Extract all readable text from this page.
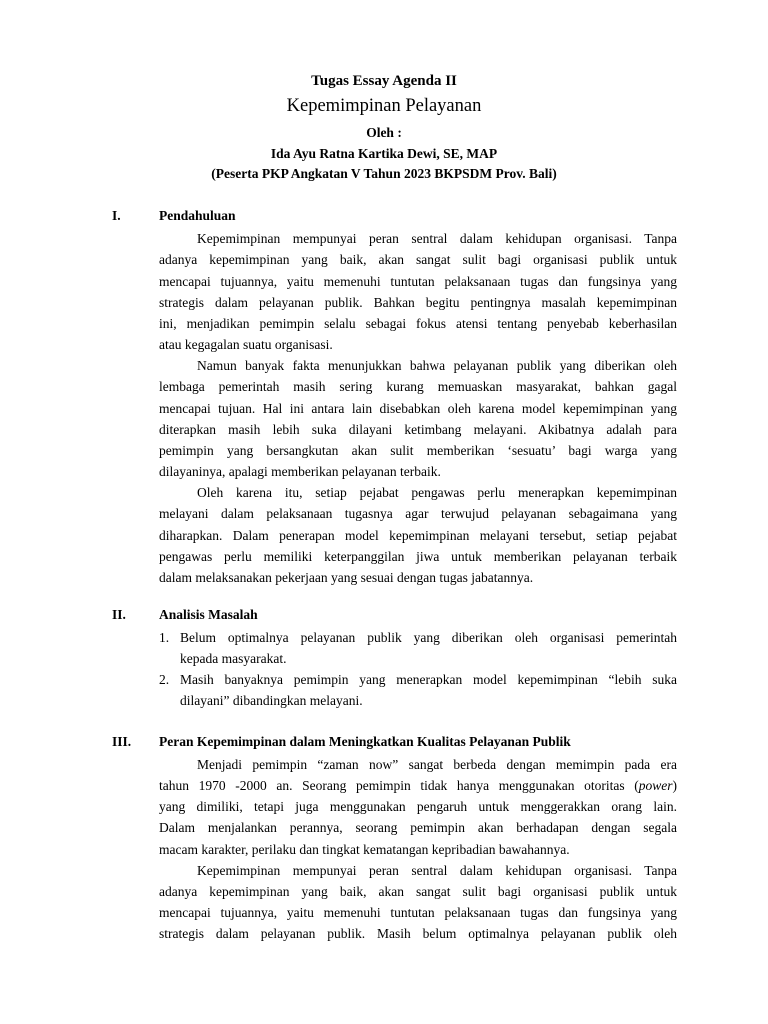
Tugas Essay Agenda II
Kepemimpinan Pelayanan
Oleh :
Ida Ayu Ratna Kartika Dewi, SE, MAP
(Peserta PKP Angkatan V Tahun 2023 BKPSDM Prov. Bali)
I.	Pendahuluan
Kepemimpinan mempunyai peran sentral dalam kehidupan organisasi. Tanpa
adanya kepemimpinan yang baik, akan sangat sulit bagi organisasi publik untuk
mencapai tujuannya, yaitu memenuhi tuntutan pelaksanaan tugas dan fungsinya yang
strategis dalam pelayanan publik. Bahkan begitu pentingnya masalah kepemimpinan
ini, menjadikan pemimpin selalu sebagai fokus atensi tentang penyebab keberhasilan
atau kegagalan suatu organisasi.
Namun banyak fakta menunjukkan bahwa pelayanan publik yang diberikan oleh
lembaga pemerintah masih sering kurang memuaskan masyarakat, bahkan gagal
mencapai tujuan. Hal ini antara lain disebabkan oleh karena model kepemimpinan yang
diterapkan masih lebih suka dilayani ketimbang melayani. Akibatnya adalah para
pemimpin yang bersangkutan akan sulit memberikan ‘sesuatu’ bagi warga yang
dilayaninya, apalagi memberikan pelayanan terbaik.
Oleh karena itu, setiap pejabat pengawas perlu menerapkan kepemimpinan
melayani dalam pelaksanaan tugasnya agar terwujud pelayanan sebagaimana yang
diharapkan. Dalam penerapan model kepemimpinan melayani tersebut, setiap pejabat
pengawas perlu memiliki keterpanggilan jiwa untuk memberikan pelayanan terbaik
dalam melaksanakan pekerjaan yang sesuai dengan tugas jabatannya.
II. Analisis Masalah
1. Belum optimalnya pelayanan publik yang diberikan oleh organisasi pemerintah
kepada masyarakat.
2. Masih banyaknya pemimpin yang menerapkan model kepemimpinan “lebih suka
dilayani” dibandingkan melayani.
III. Peran Kepemimpinan dalam Meningkatkan Kualitas Pelayanan Publik
Menjadi pemimpin “zaman now” sangat berbeda dengan memimpin pada era
tahun 1970 -2000 an. Seorang pemimpin tidak hanya menggunakan otoritas (power)
yang dimiliki, tetapi juga menggunakan pengaruh untuk menggerakkan orang lain.
Dalam menjalankan perannya, seorang pemimpin akan berhadapan dengan segala
macam karakter, perilaku dan tingkat kematangan kepribadian bawahannya.
Kepemimpinan mempunyai peran sentral dalam kehidupan organisasi. Tanpa
adanya kepemimpinan yang baik, akan sangat sulit bagi organisasi publik untuk
mencapai tujuannya, yaitu memenuhi tuntutan pelaksanaan tugas dan fungsinya yang
strategis dalam pelayanan publik. Masih belum optimalnya pelayanan publik oleh
